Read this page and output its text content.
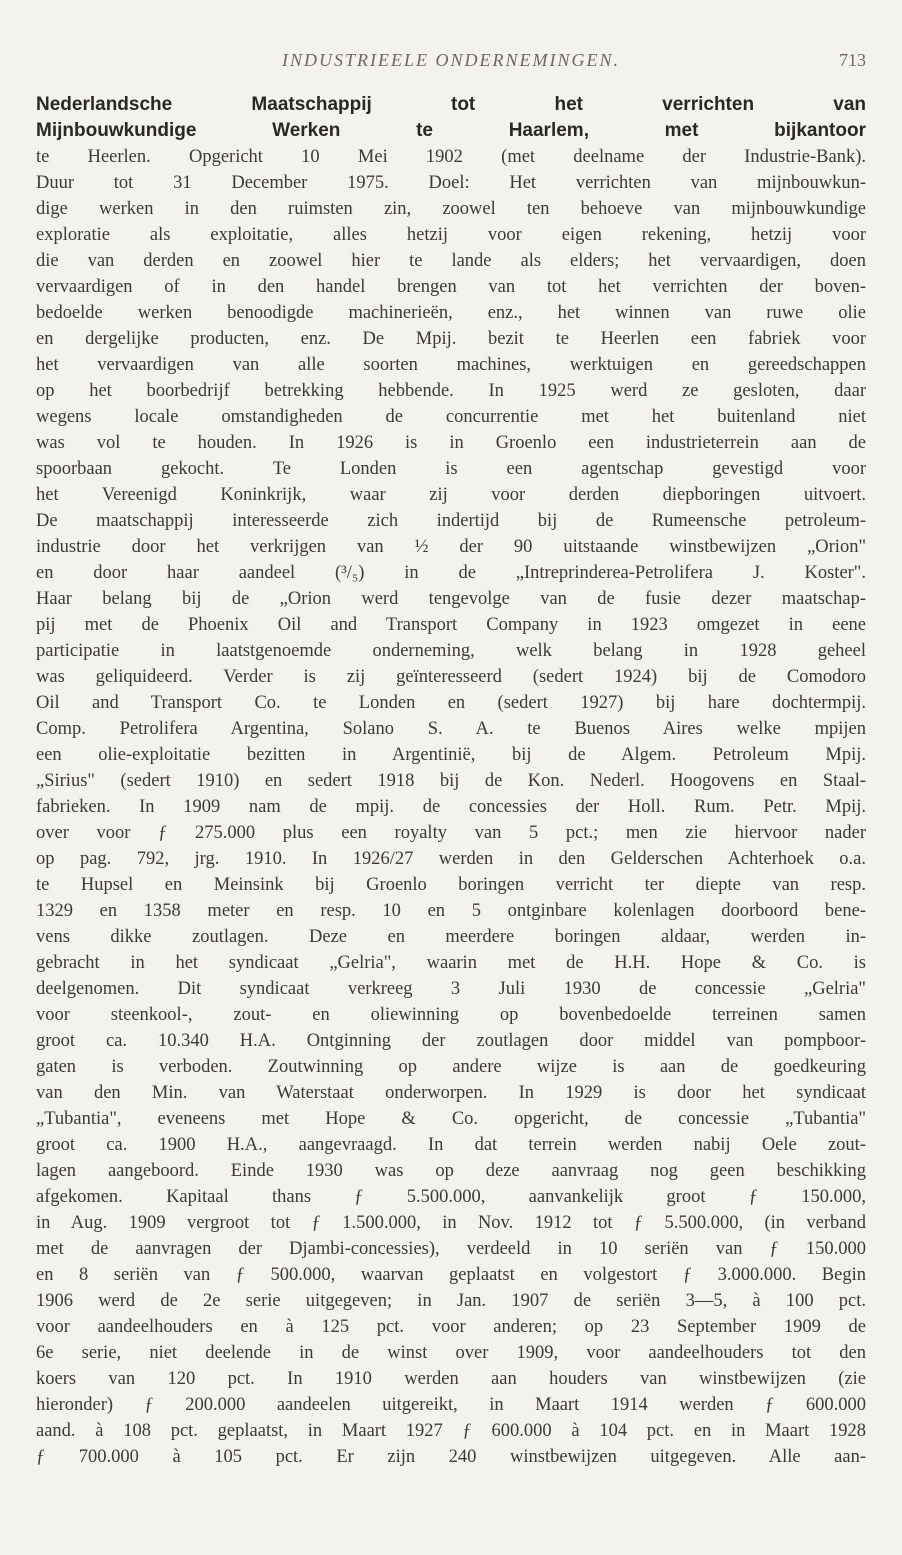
INDUSTRIEELE ONDERNEMINGEN.	713
Nederlandsche Maatschappij tot het verrichten van
Mijnbouwkundige Werken te Haarlem, met bijkantoor
te Heerlen. Opgericht 10 Mei 1902 (met deelname der Industrie-Bank).
Duur tot 31 December 1975. Doel: Het verrichten van mijnbouwkun-
dige werken in den ruimsten zin, zoowel ten behoeve van mijnbouwkundige
exploratie als exploitatie, alles hetzij voor eigen rekening, hetzij voor
die van derden en zoowel hier te lande als elders; het vervaardigen, doen
vervaardigen of in den handel brengen van tot het verrichten der boven-
bedoelde werken benoodigde machinerieën, enz., het winnen van ruwe olie
en dergelijke producten, enz. De Mpij. bezit te Heerlen een fabriek voor
het vervaardigen van alle soorten machines, werktuigen en gereedschappen
op het boorbedrijf betrekking hebbende. In 1925 werd ze gesloten, daar
wegens locale omstandigheden de concurrentie met het buitenland niet
was vol te houden. In 1926 is in Groenlo een industrieterrein aan de
spoorbaan gekocht. Te Londen is een agentschap gevestigd voor
het Vereenigd Koninkrijk, waar zij voor derden diepboringen uitvoert.
De maatschappij interesseerde zich indertijd bij de Rumeensche petroleum-
industrie door het verkrijgen van ½ der 90 uitstaande winstbewijzen „Orion"
en door haar aandeel (³/₅) in de „Intreprinderea-Petrolifera J. Koster".
Haar belang bij de „Orion werd tengevolge van de fusie dezer maatschap-
pij met de Phoenix Oil and Transport Company in 1923 omgezet in eene
participatie in laatstgenoemde onderneming, welk belang in 1928 geheel
was geliquideerd. Verder is zij geïnteresseerd (sedert 1924) bij de Comodoro
Oil and Transport Co. te Londen en (sedert 1927) bij hare dochtermpij.
Comp. Petrolifera Argentina, Solano S. A. te Buenos Aires welke mpijen
een olie-exploitatie bezitten in Argentinië, bij de Algem. Petroleum Mpij.
„Sirius" (sedert 1910) en sedert 1918 bij de Kon. Nederl. Hoogovens en Staal-
fabrieken. In 1909 nam de mpij. de concessies der Holl. Rum. Petr. Mpij.
over voor ƒ 275.000 plus een royalty van 5 pct.; men zie hiervoor nader
op pag. 792, jrg. 1910. In 1926/27 werden in den Gelderschen Achterhoek o.a.
te Hupsel en Meinsink bij Groenlo boringen verricht ter diepte van resp.
1329 en 1358 meter en resp. 10 en 5 ontginbare kolenlagen doorboord bene-
vens dikke zoutlagen. Deze en meerdere boringen aldaar, werden in-
gebracht in het syndicaat „Gelria", waarin met de H.H. Hope & Co. is
deelgenomen. Dit syndicaat verkreeg 3 Juli 1930 de concessie „Gelria"
voor steenkool-, zout- en oliewinning op bovenbedoelde terreinen samen
groot ca. 10.340 H.A. Ontginning der zoutlagen door middel van pompboor-
gaten is verboden. Zoutwinning op andere wijze is aan de goedkeuring
van den Min. van Waterstaat onderworpen. In 1929 is door het syndicaat
„Tubantia", eveneens met Hope & Co. opgericht, de concessie „Tubantia"
groot ca. 1900 H.A., aangevraagd. In dat terrein werden nabij Oele zout-
lagen aangeboord. Einde 1930 was op deze aanvraag nog geen beschikking
afgekomen. Kapitaal thans ƒ 5.500.000, aanvankelijk groot ƒ 150.000,
in Aug. 1909 vergroot tot ƒ 1.500.000, in Nov. 1912 tot ƒ 5.500.000, (in verband
met de aanvragen der Djambi-concessies), verdeeld in 10 seriën van ƒ 150.000
en 8 seriën van ƒ 500.000, waarvan geplaatst en volgestort ƒ 3.000.000. Begin
1906 werd de 2e serie uitgegeven; in Jan. 1907 de seriën 3—5, à 100 pct.
voor aandeelhouders en à 125 pct. voor anderen; op 23 September 1909 de
6e serie, niet deelende in de winst over 1909, voor aandeelhouders tot den
koers van 120 pct. In 1910 werden aan houders van winstbewijzen (zie
hieronder) ƒ 200.000 aandeelen uitgereikt, in Maart 1914 werden ƒ 600.000
aand. à 108 pct. geplaatst, in Maart 1927 ƒ 600.000 à 104 pct. en in Maart 1928
ƒ 700.000 à 105 pct. Er zijn 240 winstbewijzen uitgegeven. Alle aan-
